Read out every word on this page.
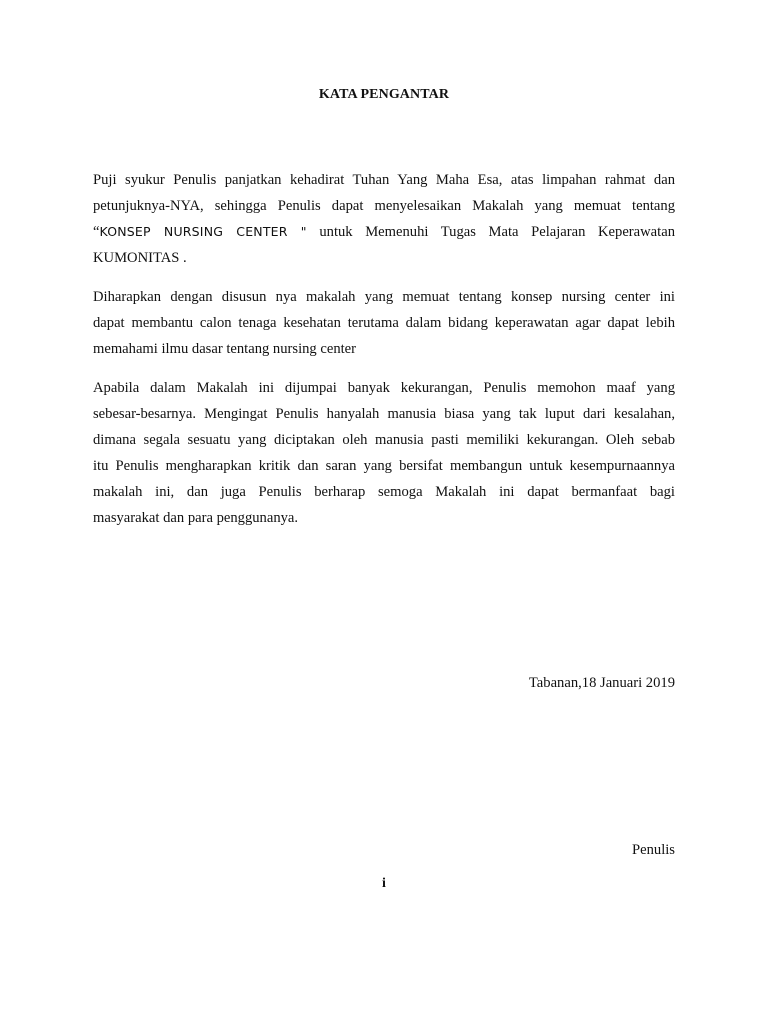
KATA PENGANTAR
Puji syukur Penulis panjatkan kehadirat Tuhan Yang Maha Esa, atas limpahan rahmat dan
petunjuknya-NYA, sehingga Penulis dapat menyelesaikan Makalah yang memuat tentang
“KONSEP NURSING CENTER " untuk Memenuhi Tugas Mata Pelajaran Keperawatan
KUMONITAS .
Diharapkan dengan disusun nya makalah yang memuat tentang konsep nursing center ini
dapat membantu calon tenaga kesehatan terutama dalam bidang keperawatan agar dapat lebih
memahami ilmu dasar tentang nursing center
Apabila dalam Makalah ini dijumpai banyak kekurangan, Penulis memohon maaf yang
sebesar-besarnya. Mengingat Penulis hanyalah manusia biasa yang tak luput dari kesalahan,
dimana segala sesuatu yang diciptakan oleh manusia pasti memiliki kekurangan. Oleh sebab
itu Penulis mengharapkan kritik dan saran yang bersifat membangun untuk kesempurnaannya
makalah ini, dan juga Penulis berharap semoga Makalah ini dapat bermanfaat bagi
masyarakat dan para penggunanya.
Tabanan,18 Januari 2019
Penulis
i
